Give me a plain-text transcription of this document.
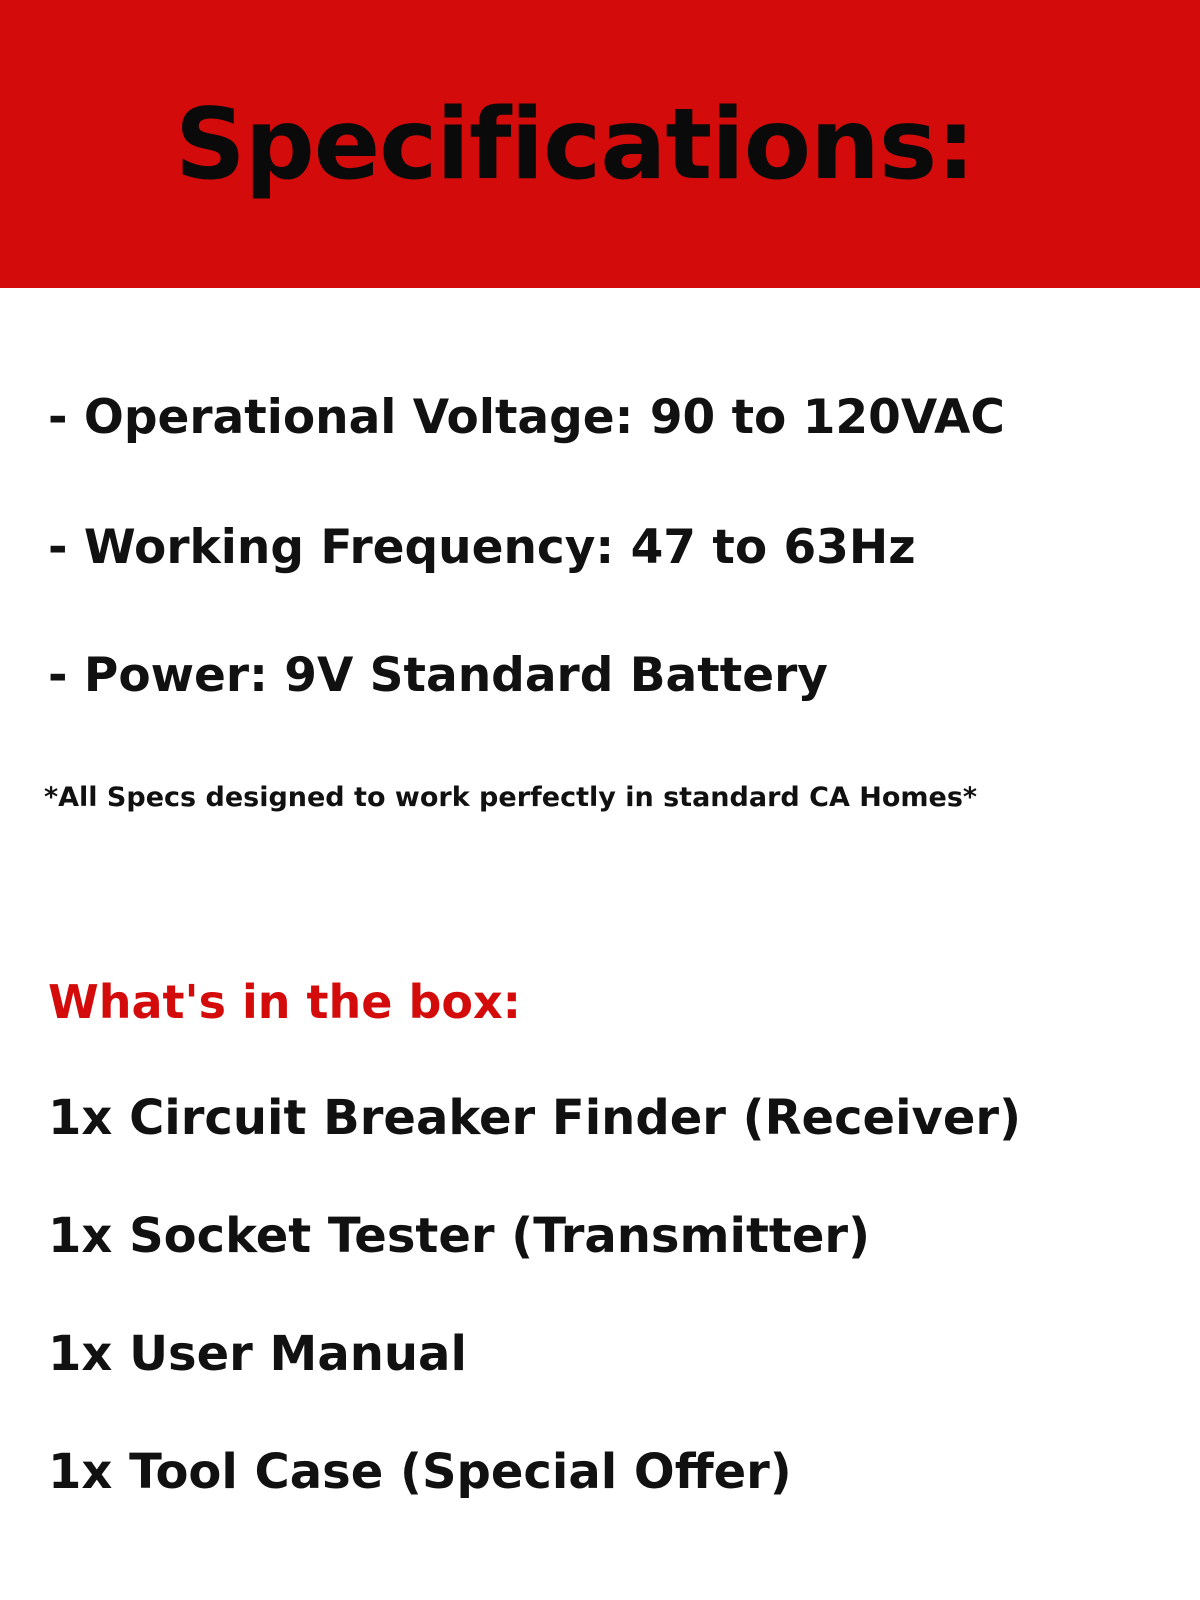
Specifications:
- Operational Voltage: 90 to 120VAC
- Working Frequency: 47 to 63Hz
- Power: 9V Standard Battery

*All Specs designed to work perfectly in standard CA Homes*

What's in the box:
1x Circuit Breaker Finder (Receiver)
1x Socket Tester (Transmitter)
1x User Manual
1x Tool Case (Special Offer)
